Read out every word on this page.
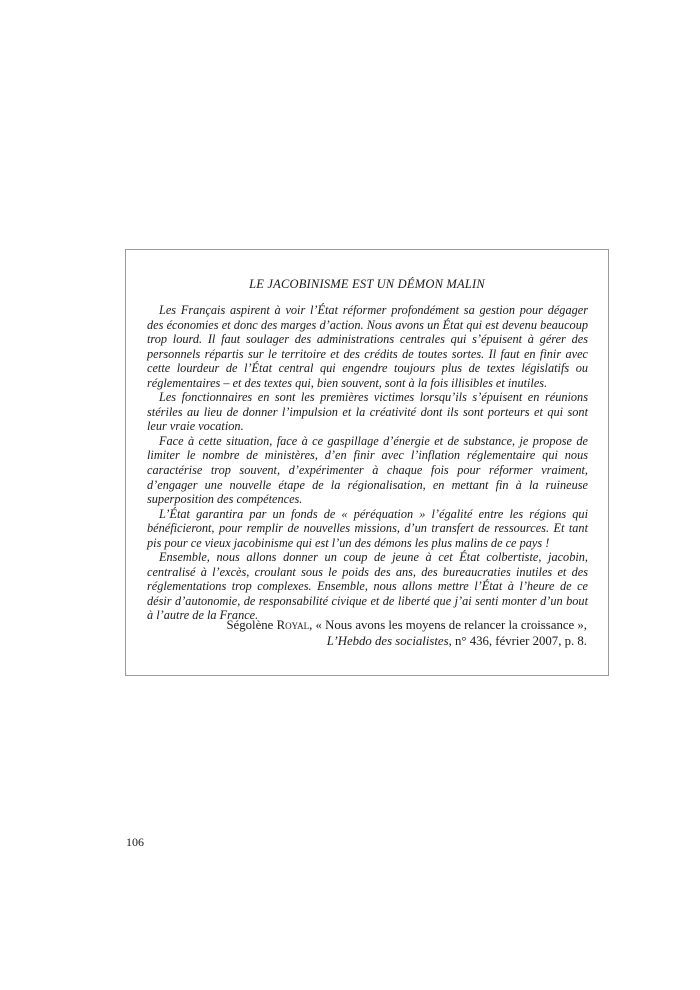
LE JACOBINISME EST UN DÉMON MALIN

Les Français aspirent à voir l’État réformer profondément sa gestion pour dégager des économies et donc des marges d’action. Nous avons un État qui est devenu beaucoup trop lourd. Il faut soulager des administrations centrales qui s’épuisent à gérer des personnels répartis sur le territoire et des crédits de toutes sortes. Il faut en finir avec cette lourdeur de l’État central qui engendre toujours plus de textes législatifs ou réglementaires – et des textes qui, bien souvent, sont à la fois illisibles et inutiles.

Les fonctionnaires en sont les premières victimes lorsqu’ils s’épuisent en réunions stériles au lieu de donner l’impulsion et la créativité dont ils sont porteurs et qui sont leur vraie vocation.

Face à cette situation, face à ce gaspillage d’énergie et de substance, je propose de limiter le nombre de ministères, d’en finir avec l’inflation réglementaire qui nous caractérise trop souvent, d’expérimenter à chaque fois pour réformer vraiment, d’engager une nouvelle étape de la régionalisation, en mettant fin à la ruineuse superposition des compétences.

L’État garantira par un fonds de « péréquation » l’égalité entre les régions qui bénéficieront, pour remplir de nouvelles missions, d’un transfert de ressources. Et tant pis pour ce vieux jacobinisme qui est l’un des démons les plus malins de ce pays !

Ensemble, nous allons donner un coup de jeune à cet État colbertiste, jacobin, centralisé à l’excès, croulant sous le poids des ans, des bureaucraties inutiles et des réglementations trop complexes. Ensemble, nous allons mettre l’État à l’heure de ce désir d’autonomie, de responsabilité civique et de liberté que j’ai senti monter d’un bout à l’autre de la France.

Ségolène Royal, « Nous avons les moyens de relancer la croissance »,
L’Hebdo des socialistes, n° 436, février 2007, p. 8.
106
